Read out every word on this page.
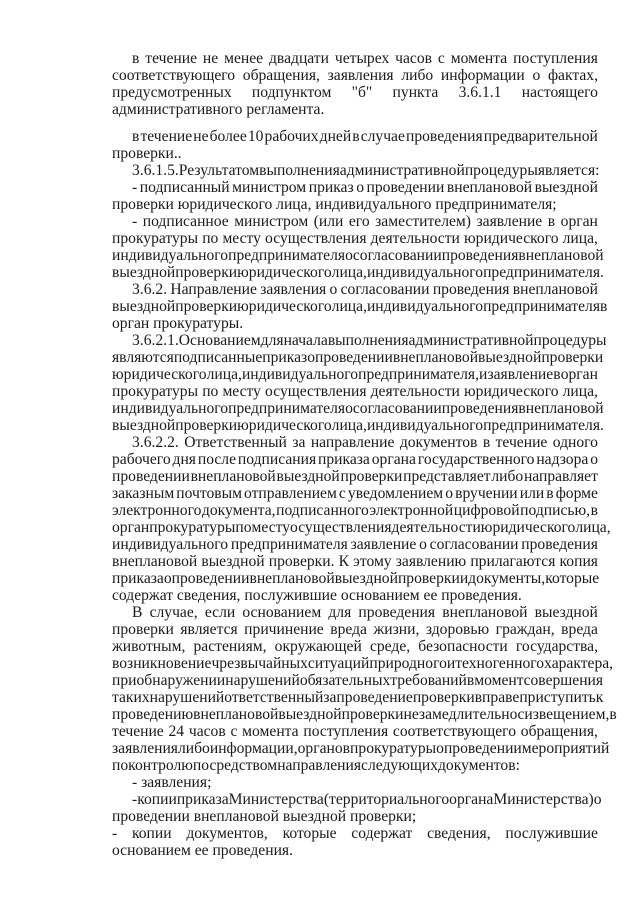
в течение не менее двадцати четырех часов с момента поступления
соответствующего обращения, заявления либо информации о фактах,
предусмотренных подпунктом "б" пункта 3.6.1.1 настоящего
административного регламента.
в течение не более 10 рабочих дней в случае проведения предварительной
проверки..
3.6.1.5. Результатом выполнения административной процедуры является:
- подписанный министром приказ о проведении внеплановой выездной
проверки юридического лица, индивидуального предпринимателя;
- подписанное министром (или его заместителем) заявление в орган
прокуратуры по месту осуществления деятельности юридического лица,
индивидуального предпринимателя о согласовании проведения внеплановой
выездной проверки юридического лица, индивидуального предпринимателя.
3.6.2. Направление заявления о согласовании проведения внеплановой
выездной проверки юридического лица, индивидуального предпринимателя в
орган прокуратуры.
3.6.2.1. Основанием для начала выполнения административной процедуры
являются подписанные приказ о проведении внеплановой выездной проверки
юридического лица, индивидуального предпринимателя, и заявление в орган
прокуратуры по месту осуществления деятельности юридического лица,
индивидуального предпринимателя о согласовании проведения внеплановой
выездной проверки юридического лица, индивидуального предпринимателя.
3.6.2.2. Ответственный за направление документов в течение одного
рабочего дня после подписания приказа органа государственного надзора о
проведении внеплановой выездной проверки представляет либо направляет
заказным почтовым отправлением с уведомлением о вручении или в форме
электронного документа, подписанного электронной цифровой подписью, в
орган прокуратуры по месту осуществления деятельности юридического лица,
индивидуального предпринимателя заявление о согласовании проведения
внеплановой выездной проверки. К этому заявлению прилагаются копия
приказа о проведении внеплановой выездной проверки и документы, которые
содержат сведения, послужившие основанием ее проведения.
В случае, если основанием для проведения внеплановой выездной
проверки является причинение вреда жизни, здоровью граждан, вреда
животным, растениям, окружающей среде, безопасности государства,
возникновение чрезвычайных ситуаций природного и техногенного характера,
при обнаружении нарушений обязательных требований в момент совершения
таких нарушений ответственный за проведение проверки вправе приступить к
проведению внеплановой выездной проверки незамедлительно с извещением, в
течение 24 часов с момента поступления соответствующего обращения,
заявления либо информации, органов прокуратуры о проведении мероприятий
по контролю посредством направления следующих документов:
- заявления;
- копии приказа Министерства (территориального органа Министерства) о
проведении внеплановой выездной проверки;
- копии документов, которые содержат сведения, послужившие
основанием ее проведения.
